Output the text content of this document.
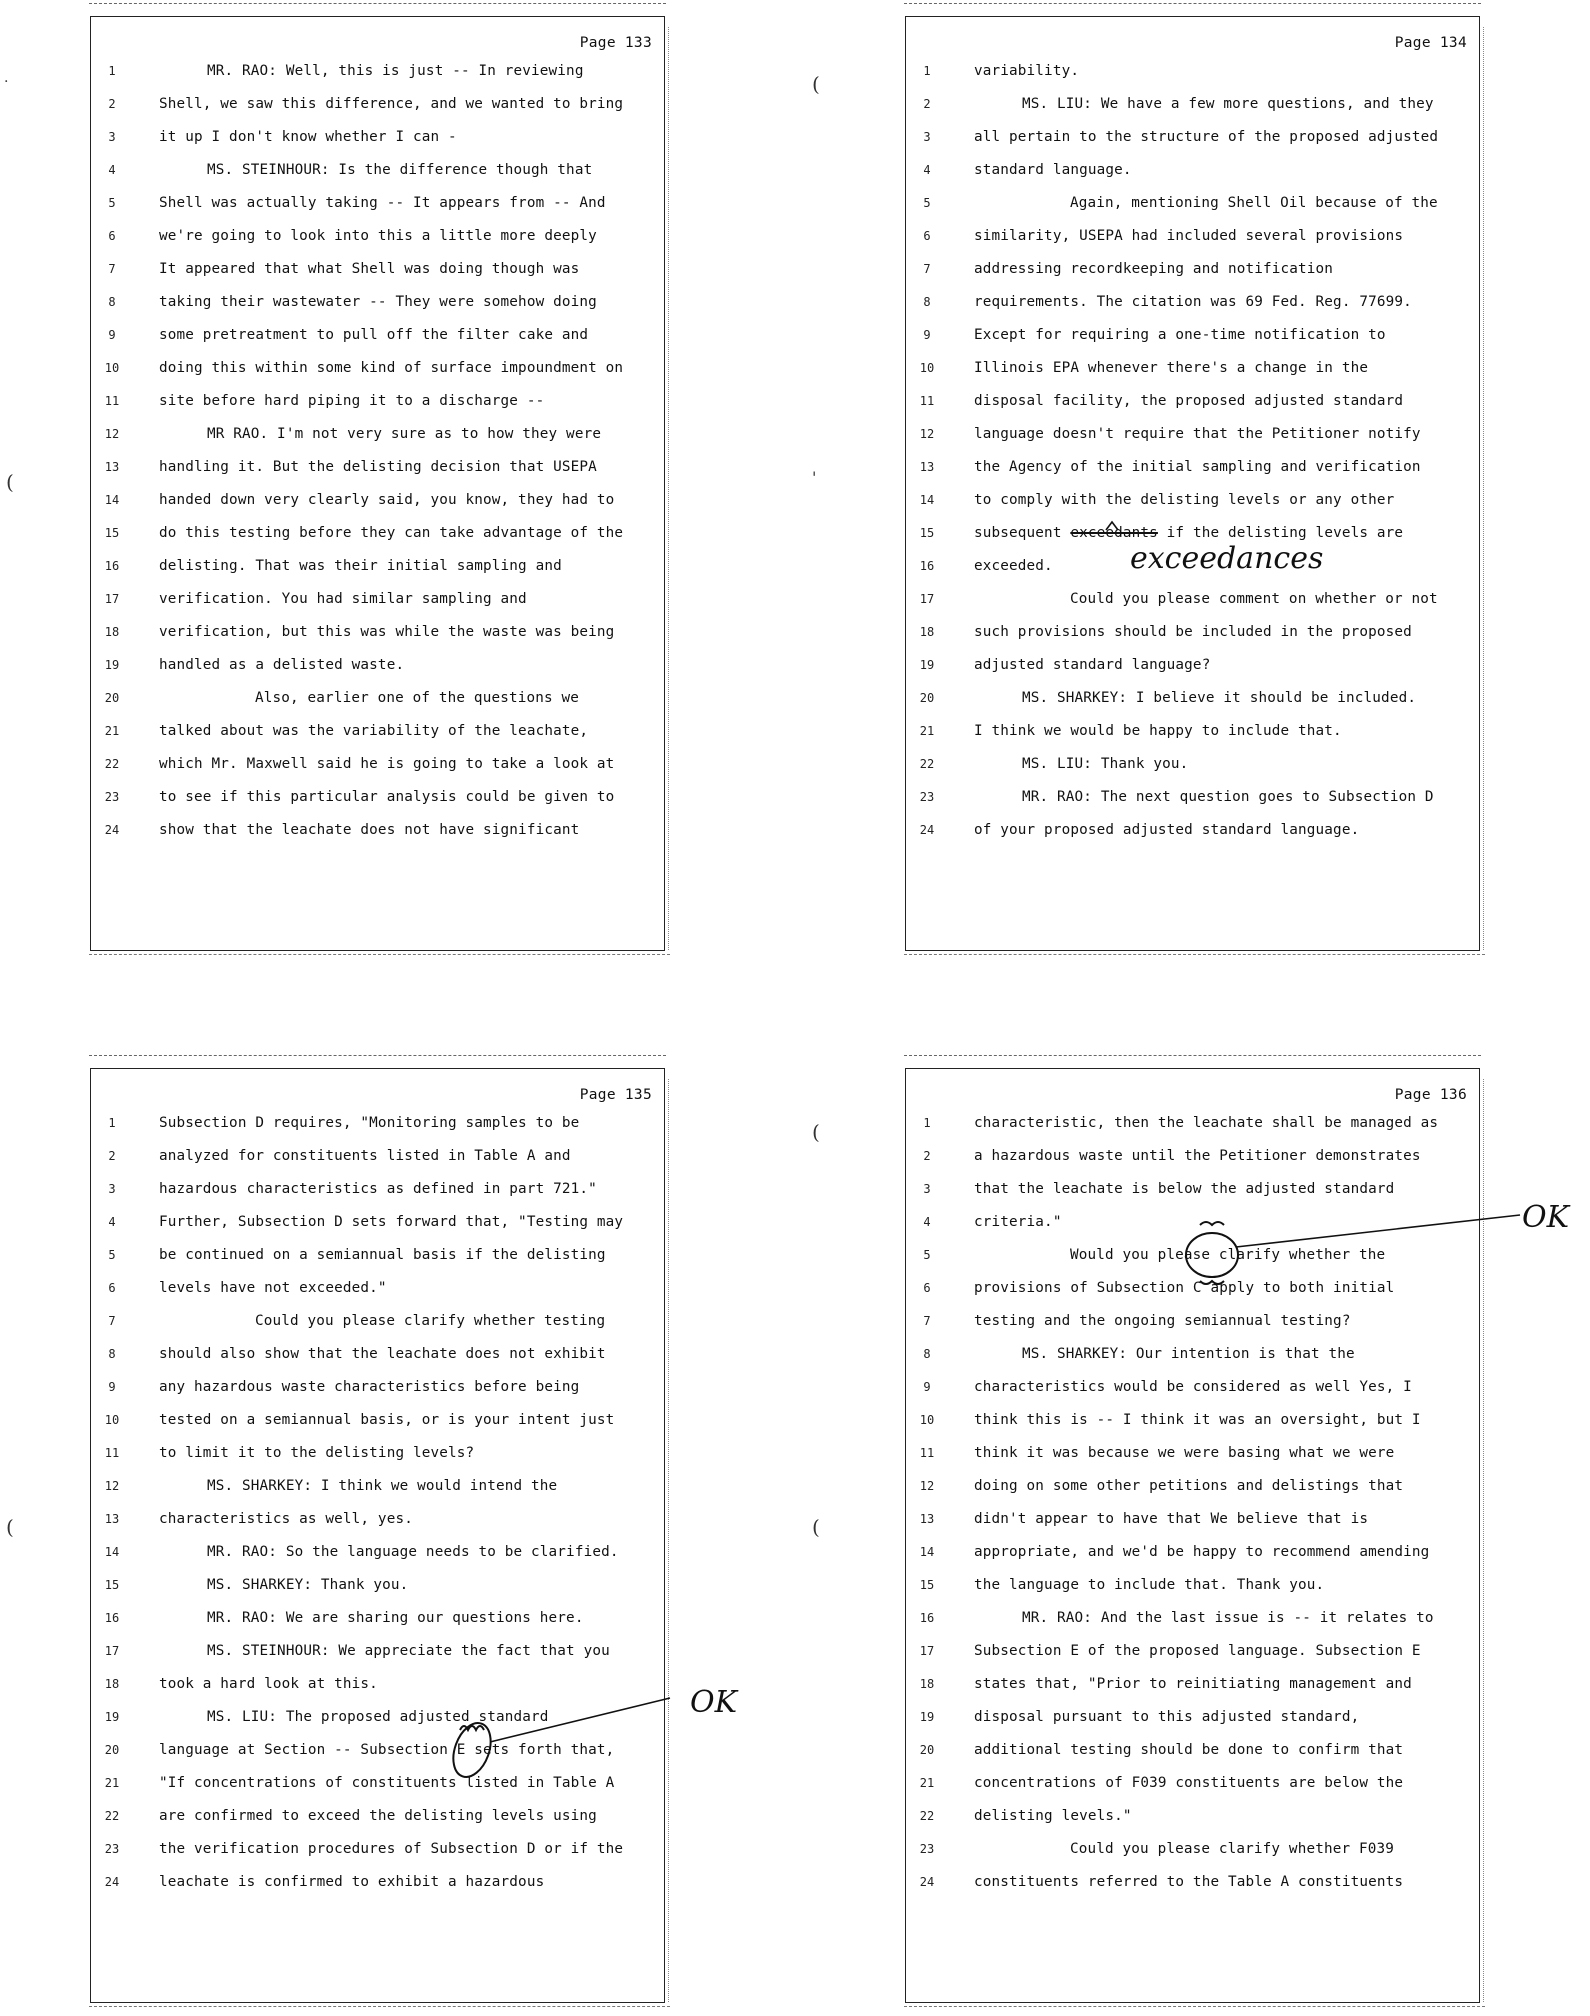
Page 133
1	MR. RAO: Well, this is just -- In reviewing
2	Shell, we saw this difference, and we wanted to bring
3	it up I don't know whether I can -
4	MS. STEINHOUR: Is the difference though that
5	Shell was actually taking -- It appears from -- And
6	we're going to look into this a little more deeply
7	It appeared that what Shell was doing though was
8	taking their wastewater -- They were somehow doing
9	some pretreatment to pull off the filter cake and
10	doing this within some kind of surface impoundment on
11	site before hard piping it to a discharge --
12	MR RAO. I'm not very sure as to how they were
13	handling it. But the delisting decision that USEPA
14	handed down very clearly said, you know, they had to
15	do this testing before they can take advantage of the
16	delisting. That was their initial sampling and
17	verification. You had similar sampling and
18	verification, but this was while the waste was being
19	handled as a delisted waste.
20	Also, earlier one of the questions we
21	talked about was the variability of the leachate,
22	which Mr. Maxwell said he is going to take a look at
23	to see if this particular analysis could be given to
24	show that the leachate does not have significant
Page 134
1	variability.
2	MS. LIU: We have a few more questions, and they
3	all pertain to the structure of the proposed adjusted
4	standard language.
5	Again, mentioning Shell Oil because of the
6	similarity, USEPA had included several provisions
7	addressing recordkeeping and notification
8	requirements. The citation was 69 Fed. Reg. 77699.
9	Except for requiring a one-time notification to
10	Illinois EPA whenever there's a change in the
11	disposal facility, the proposed adjusted standard
12	language doesn't require that the Petitioner notify
13	the Agency of the initial sampling and verification
14	to comply with the delisting levels or any other
15	subsequent exceedants if the delisting levels are
16	exceeded.
17	Could you please comment on whether or not
18	such provisions should be included in the proposed
19	adjusted standard language?
20	MS. SHARKEY: I believe it should be included.
21	I think we would be happy to include that.
22	MS. LIU: Thank you.
23	MR. RAO: The next question goes to Subsection D
24	of your proposed adjusted standard language.
Page 135
1	Subsection D requires, "Monitoring samples to be
2	analyzed for constituents listed in Table A and
3	hazardous characteristics as defined in part 721."
4	Further, Subsection D sets forward that, "Testing may
5	be continued on a semiannual basis if the delisting
6	levels have not exceeded."
7	Could you please clarify whether testing
8	should also show that the leachate does not exhibit
9	any hazardous waste characteristics before being
10	tested on a semiannual basis, or is your intent just
11	to limit it to the delisting levels?
12	MS. SHARKEY: I think we would intend the
13	characteristics as well, yes.
14	MR. RAO: So the language needs to be clarified.
15	MS. SHARKEY: Thank you.
16	MR. RAO: We are sharing our questions here.
17	MS. STEINHOUR: We appreciate the fact that you
18	took a hard look at this.
19	MS. LIU: The proposed adjusted standard
20	language at Section -- Subsection E sets forth that,
21	"If concentrations of constituents listed in Table A
22	are confirmed to exceed the delisting levels using
23	the verification procedures of Subsection D or if the
24	leachate is confirmed to exhibit a hazardous
Page 136
1	characteristic, then the leachate shall be managed as
2	a hazardous waste until the Petitioner demonstrates
3	that the leachate is below the adjusted standard
4	criteria."
5	Would you please clarify whether the
6	provisions of Subsection C apply to both initial
7	testing and the ongoing semiannual testing?
8	MS. SHARKEY: Our intention is that the
9	characteristics would be considered as well Yes, I
10	think this is -- I think it was an oversight, but I
11	think it was because we were basing what we were
12	doing on some other petitions and delistings that
13	didn't appear to have that We believe that is
14	appropriate, and we'd be happy to recommend amending
15	the language to include that. Thank you.
16	MR. RAO: And the last issue is -- it relates to
17	Subsection E of the proposed language. Subsection E
18	states that, "Prior to reinitiating management and
19	disposal pursuant to this adjusted standard,
20	additional testing should be done to confirm that
21	concentrations of F039 constituents are below the
22	delisting levels."
23	Could you please clarify whether F039
24	constituents referred to the Table A constituents
.
(
(
(
'
(
(
exceedances
OK
OK
